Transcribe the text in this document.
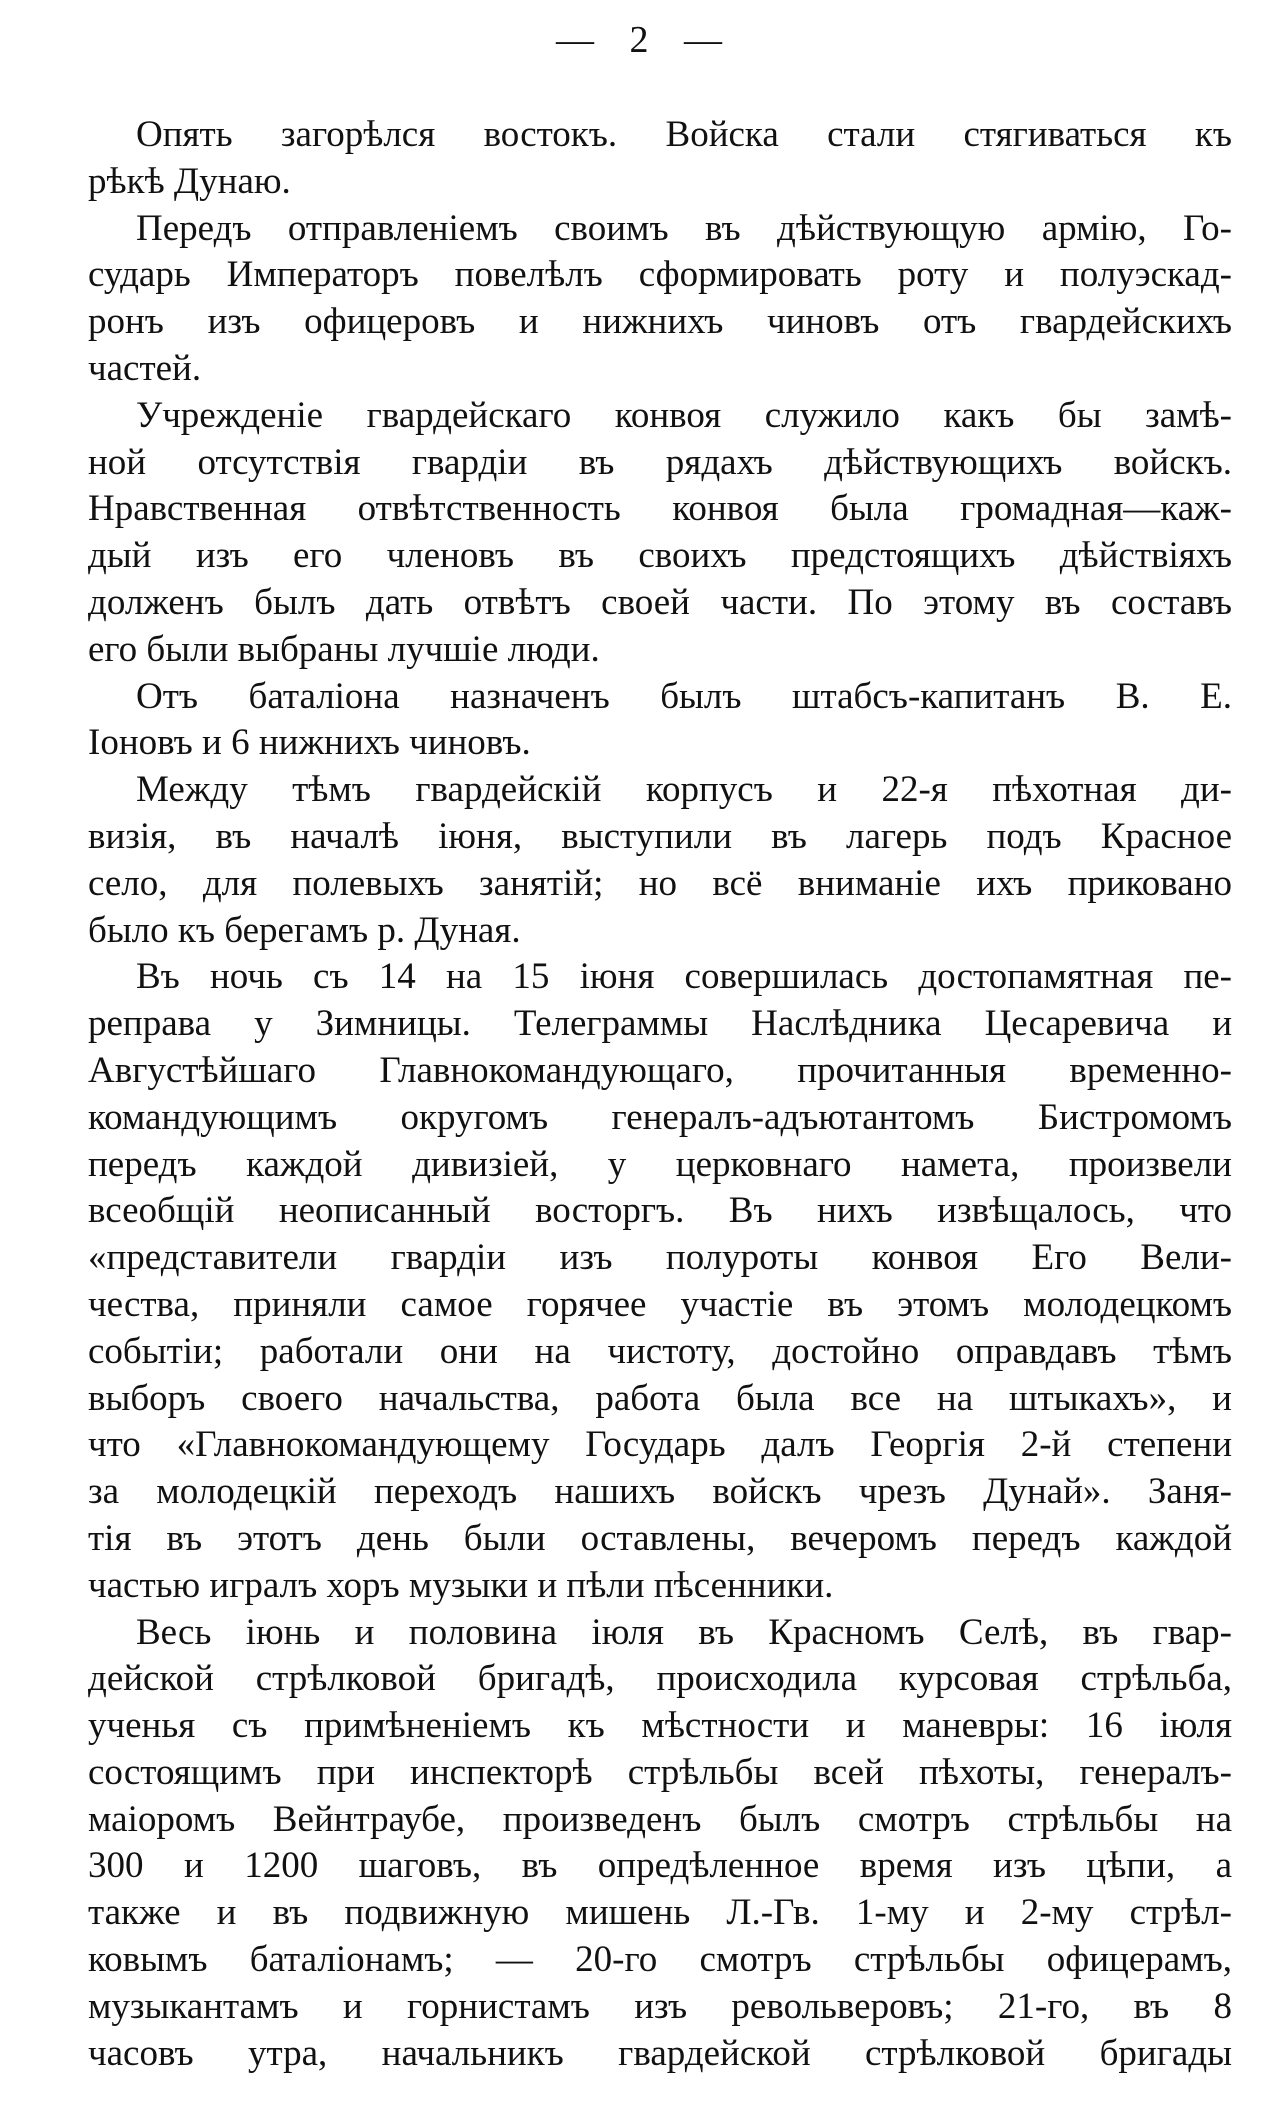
— 2 —
Опять загорѣлся востокъ. Войска стали стягиваться къ
рѣкѣ Дунаю.
Передъ отправленіемъ своимъ въ дѣйствующую армію, Го-
сударь Императоръ повелѣлъ сформировать роту и полуэскад-
ронъ изъ офицеровъ и нижнихъ чиновъ отъ гвардейскихъ
частей.
Учрежденіе гвардейскаго конвоя служило какъ бы замѣ-
ной отсутствія гвардіи въ рядахъ дѣйствующихъ войскъ.
Нравственная отвѣтственность конвоя была громадная—каж-
дый изъ его членовъ въ своихъ предстоящихъ дѣйствіяхъ
долженъ былъ дать отвѣтъ своей части. По этому въ составъ
его были выбраны лучшіе люди.
Отъ баталіона назначенъ былъ штабсъ-капитанъ В. Е.
Іоновъ и 6 нижнихъ чиновъ.
Между тѣмъ гвардейскій корпусъ и 22-я пѣхотная ди-
визія, въ началѣ іюня, выступили въ лагерь подъ Красное
село, для полевыхъ занятій; но всё вниманіе ихъ приковано
было къ берегамъ р. Дуная.
Въ ночь съ 14 на 15 іюня совершилась достопамятная пе-
реправа у Зимницы. Телеграммы Наслѣдника Цесаревича и
Августѣйшаго Главнокомандующаго, прочитанныя временно-
командующимъ округомъ генералъ-адъютантомъ Бистромомъ
передъ каждой дивизіей, у церковнаго намета, произвели
всеобщій неописанный восторгъ. Въ нихъ извѣщалось, что
«представители гвардіи изъ полуроты конвоя Его Вели-
чества, приняли самое горячее участіе въ этомъ молодецкомъ
событіи; работали они на чистоту, достойно оправдавъ тѣмъ
выборъ своего начальства, работа была все на штыкахъ», и
что «Главнокомандующему Государь далъ Георгія 2-й степени
за молодецкій переходъ нашихъ войскъ чрезъ Дунай». Заня-
тія въ этотъ день были оставлены, вечеромъ передъ каждой
частью игралъ хоръ музыки и пѣли пѣсенники.
Весь іюнь и половина іюля въ Красномъ Селѣ, въ гвар-
дейской стрѣлковой бригадѣ, происходила курсовая стрѣльба,
ученья съ примѣненіемъ къ мѣстности и маневры: 16 іюля
состоящимъ при инспекторѣ стрѣльбы всей пѣхоты, генералъ-
маіоромъ Вейнтраубе, произведенъ былъ смотръ стрѣльбы на
300 и 1200 шаговъ, въ опредѣленное время изъ цѣпи, а
также и въ подвижную мишень Л.-Гв. 1-му и 2-му стрѣл-
ковымъ баталіонамъ; — 20-го смотръ стрѣльбы офицерамъ,
музыкантамъ и горнистамъ изъ револьверовъ; 21-го, въ 8
часовъ утра, начальникъ гвардейской стрѣлковой бригады
